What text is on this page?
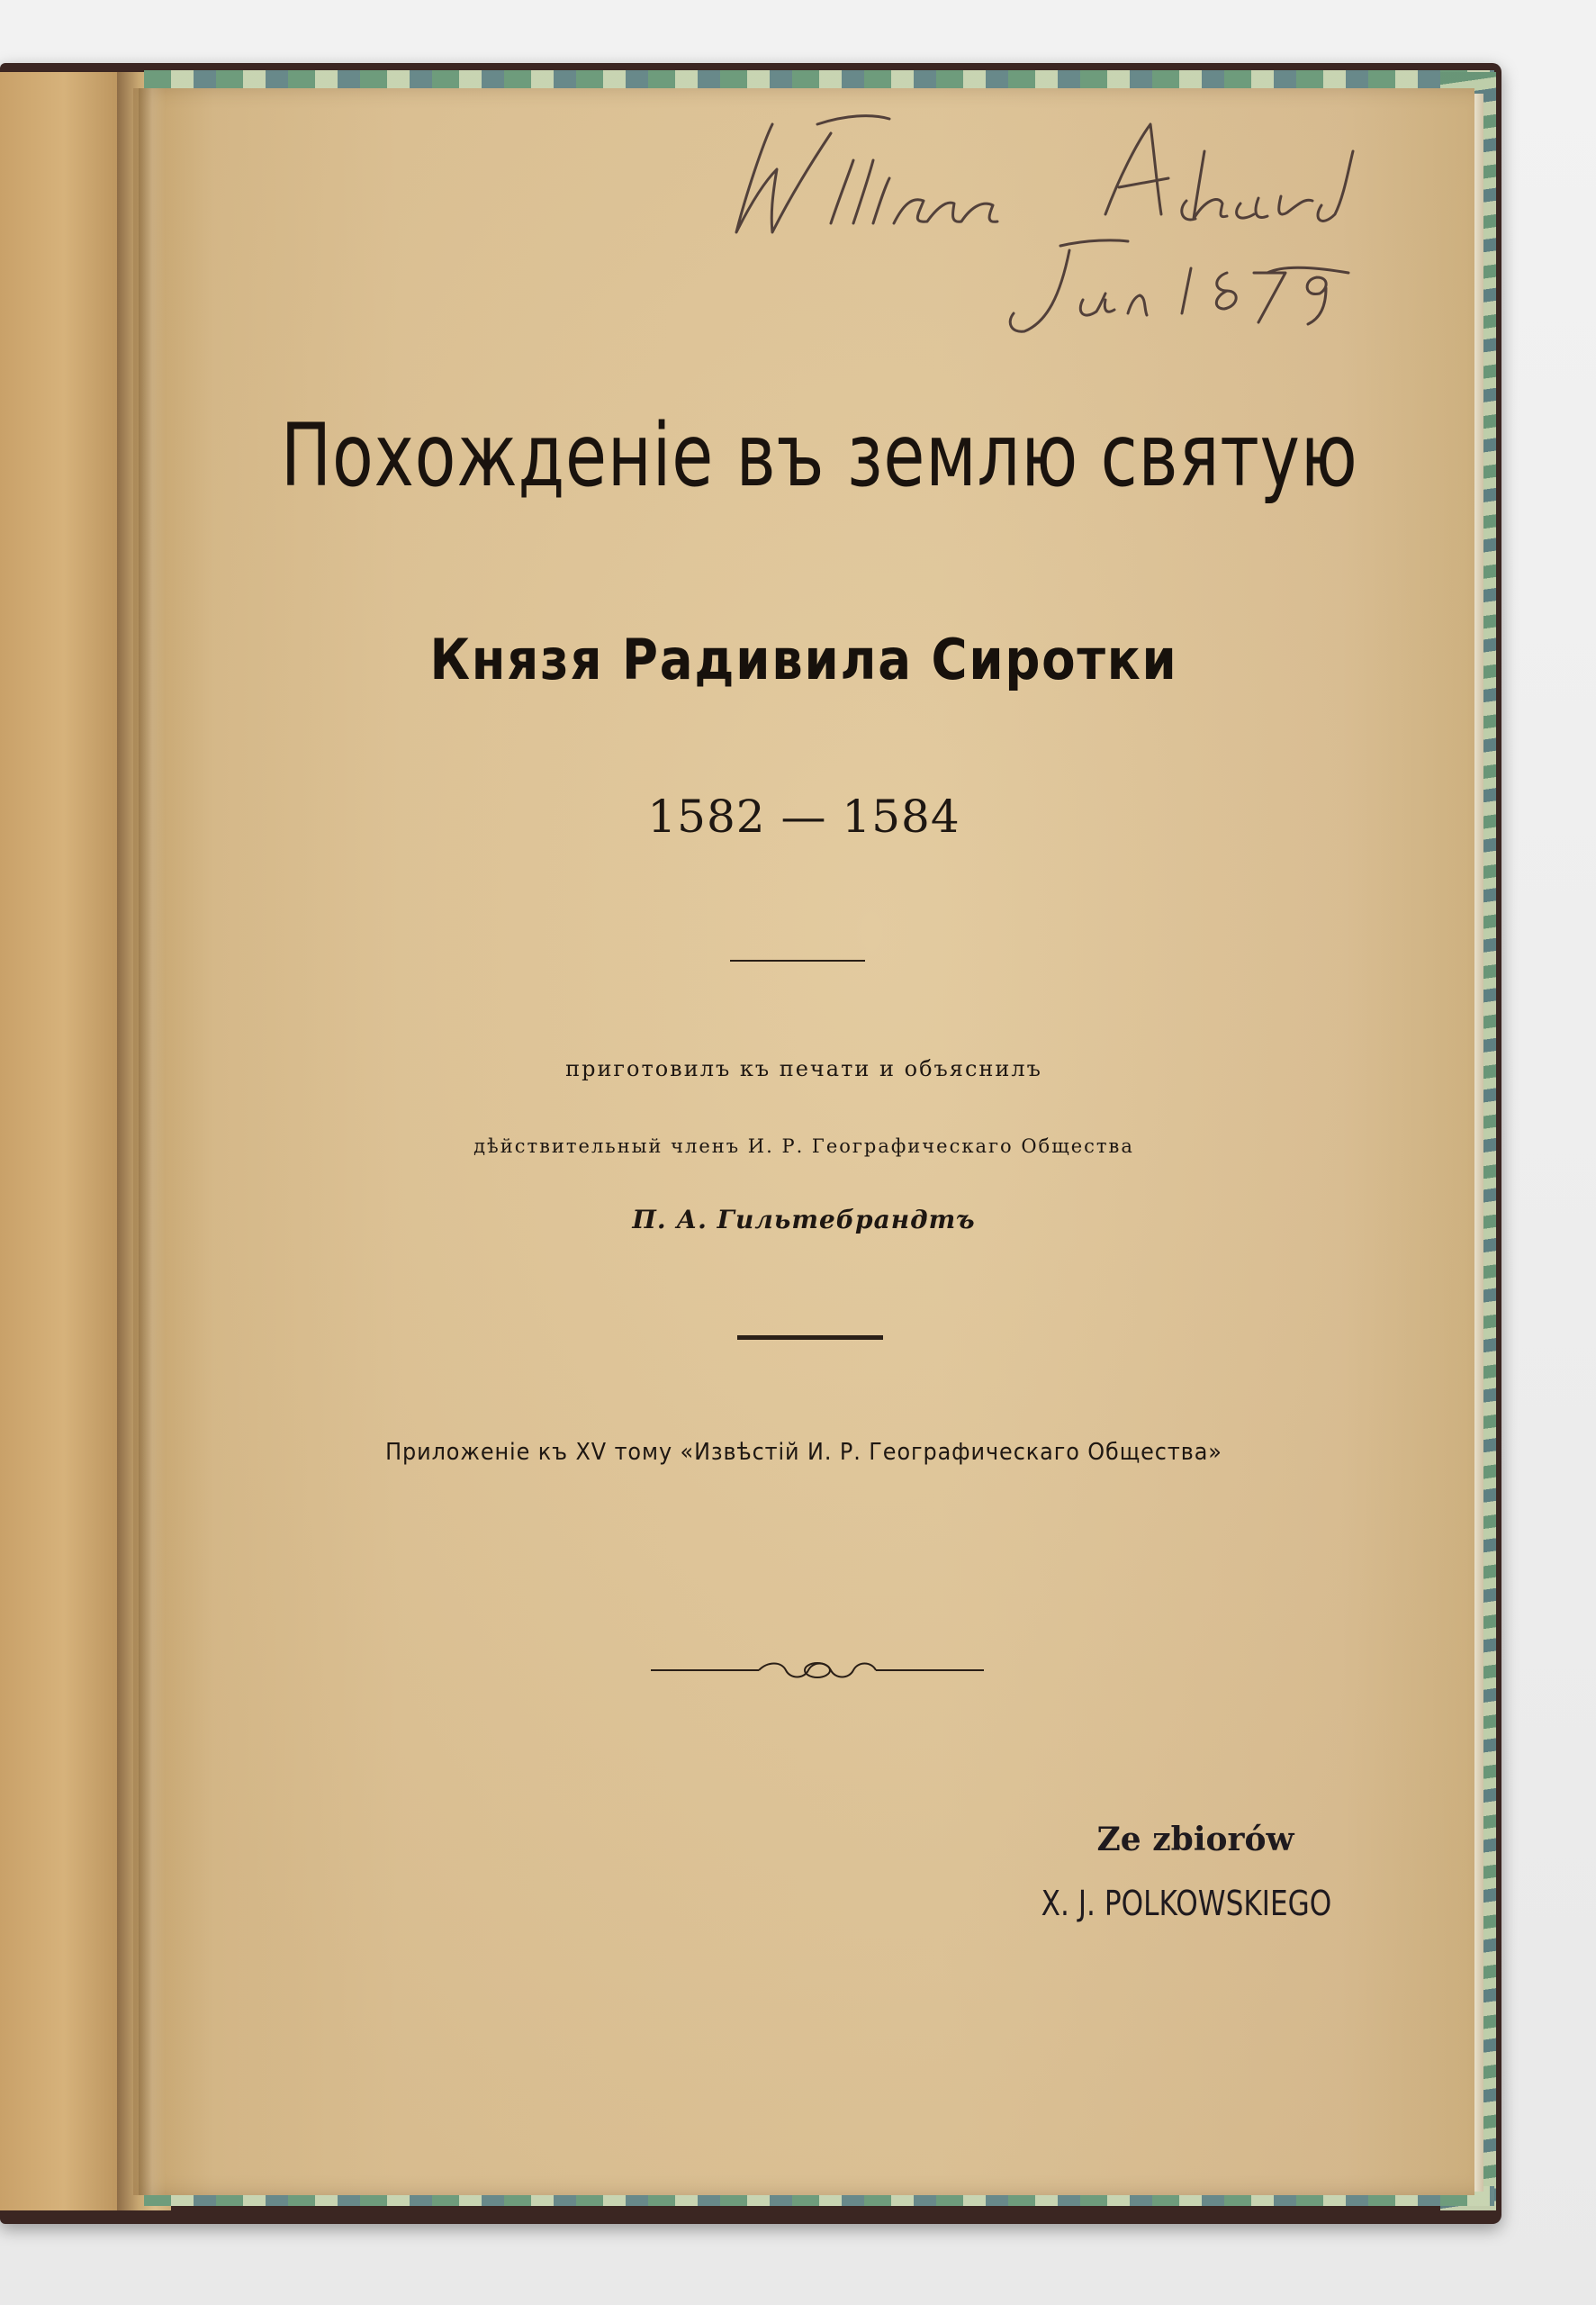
Похожденіе въ землю святую
Князя Радивила Сиротки
1582 — 1584
приготовилъ къ печати и объяснилъ
дѣйствительный членъ И. Р. Географическаго Общества
П. А. Гильтебрандтъ
Приложеніе къ XV тому «Извѣстій И. Р. Географическаго Общества»
Ze zbiorów
X. J. POLKOWSKIEGO
